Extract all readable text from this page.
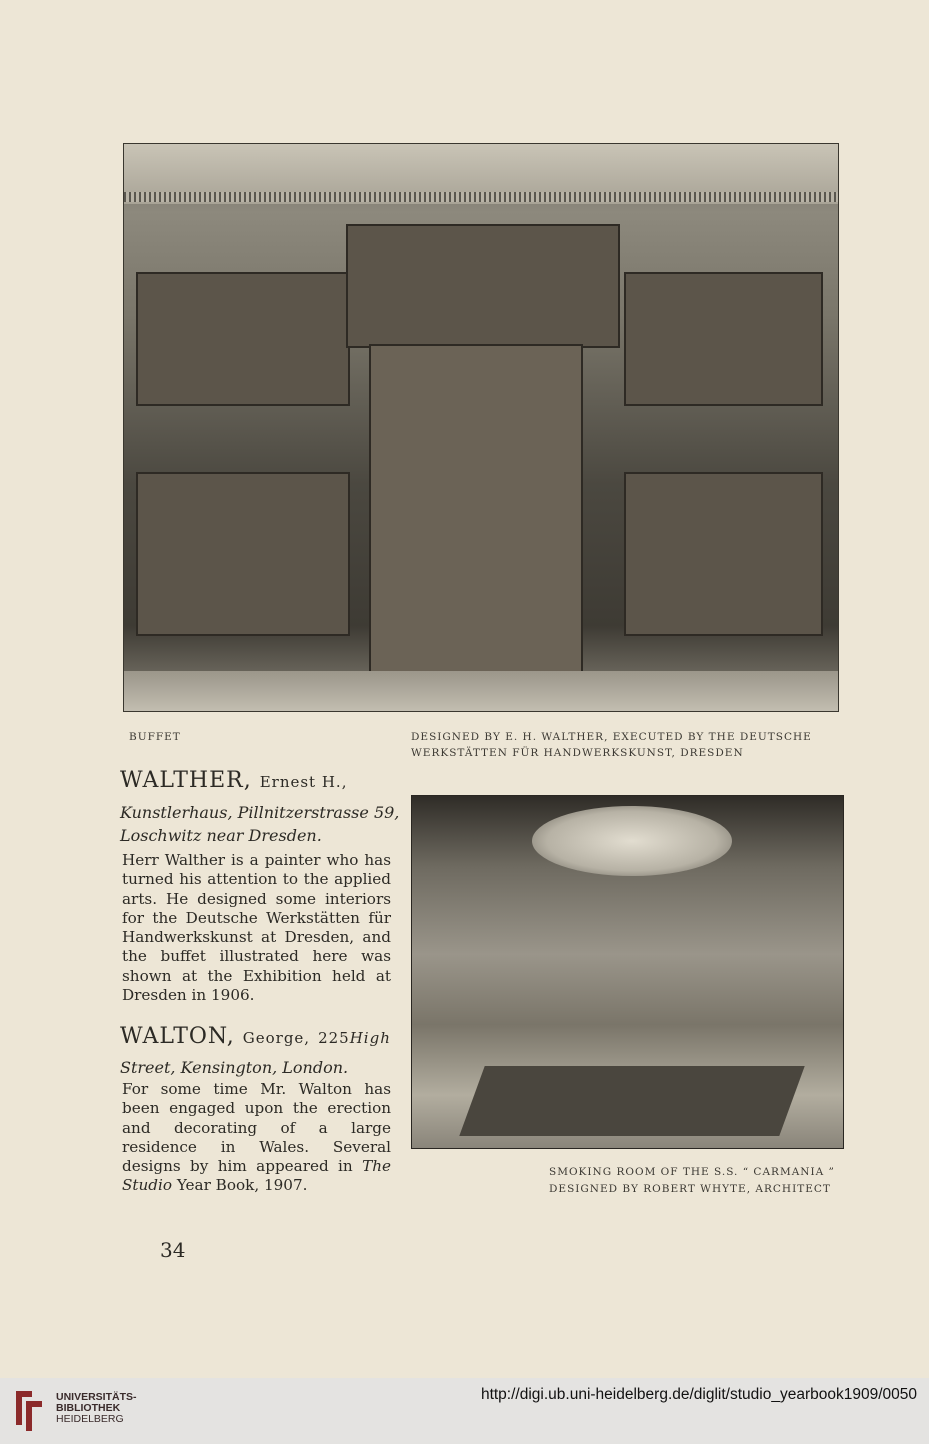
BUFFET	DESIGNED BY E. H. WALTHER, EXECUTED BY THE DEUTSCHE
WERKSTÄTTEN FÜR HANDWERKSKUNST, DRESDEN
WALTHER, Ernest H.,
Kunstlerhaus, Pillnitzerstrasse 59,
Loschwitz near Dresden.

Herr Walther is a painter who has turned his attention to the applied arts. He designed some interiors for the Deutsche Werkstätten für Handwerkskunst at Dresden, and the buffet illustrated here was shown at the Exhibition held at Dresden in 1906.

WALTON, George, 225High
Street, Kensington, London.

For some time Mr. Walton has been engaged upon the erection and decorating of a large residence in Wales. Several designs by him appeared in The Studio Year Book, 1907.

SMOKING ROOM OF THE S.S. “ CARMANIA ”
DESIGNED BY ROBERT WHYTE, ARCHITECT
34
UNIVERSITÄTS-
BIBLIOTHEK
HEIDELBERG
http://digi.ub.uni-heidelberg.de/diglit/studio_yearbook1909/0050
